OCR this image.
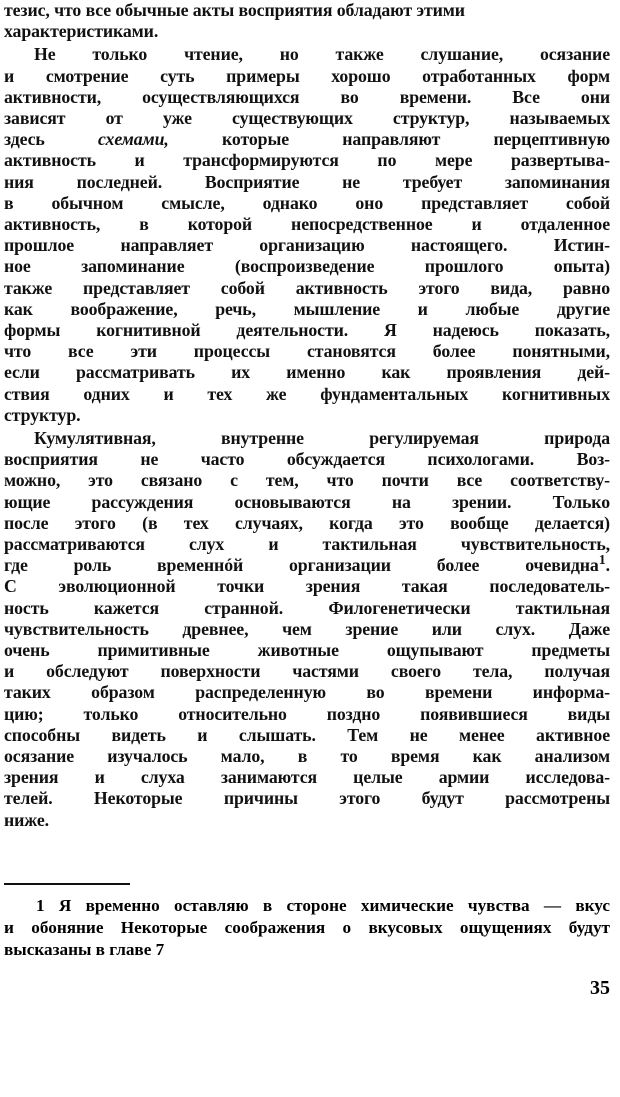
тезис, что все обычные акты восприятия обладают этими
характеристиками.
Не только чтение, но также слушание, осязание
и смотрение суть примеры хорошо отработанных форм
активности, осуществляющихся во времени. Все они
зависят от уже существующих структур, называемых
здесь	схемами,	которые направляют перцептивную
активность и трансформируются по мере развертыва-
ния последней. Восприятие не требует запоминания
в обычном смысле, однако оно представляет собой
активность, в которой непосредственное и отдаленное
прошлое направляет организацию настоящего. Истин-
ное запоминание (воспроизведение прошлого опыта)
также представляет собой активность этого вида, равно
как воображение, речь, мышление и любые другие
формы когнитивной деятельности. Я надеюсь показать,
что все эти процессы становятся более понятными,
если рассматривать их именно как проявления дей-
ствия одних и тех же фундаментальных когнитивных
структур.
Кумулятивная, внутренне регулируемая природа
восприятия не часто обсуждается психологами. Воз-
можно, это связано с тем, что почти все соответству-
ющие рассуждения основываются на зрении. Только
после этого (в тех случаях, когда это вообще делается)
рассматриваются слух и тактильная чувствительность,
где роль временнóй организации более очевидна$^1$.
С эволюционной точки зрения такая последователь-
ность кажется странной. Филогенетически тактильная
чувствительность древнее, чем зрение или слух. Даже
очень примитивные животные ощупывают предметы
и обследуют поверхности частями своего тела, получая
таких образом распределенную во времени информа-
цию; только относительно поздно появившиеся виды
способны видеть и слышать. Тем не менее активное
осязание изучалось мало, в то время как анализом
зрения и слуха занимаются целые армии исследова-
телей. Некоторые причины этого будут рассмотрены
ниже.
1 Я временно оставляю в стороне химические чувства — вкус
и обоняние Некоторые соображения о вкусовых ощущениях будут
высказаны в главе 7
35
